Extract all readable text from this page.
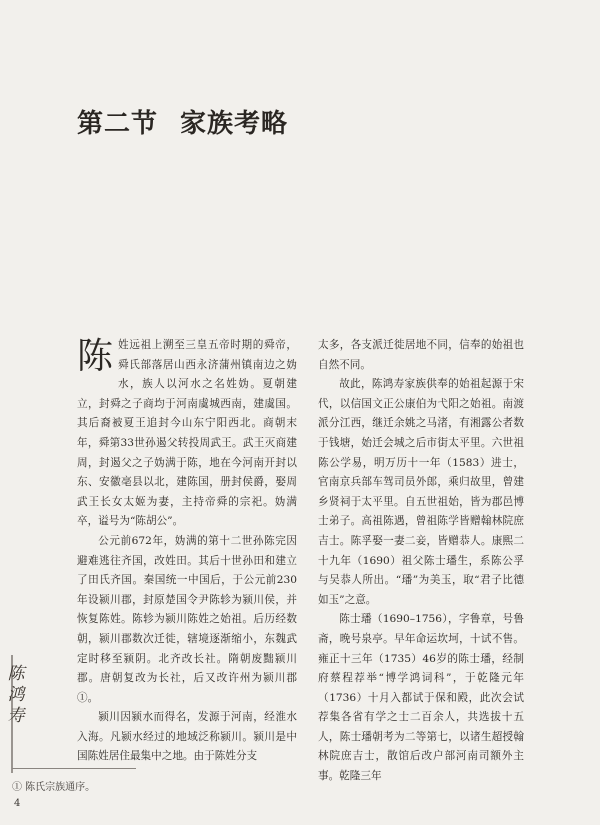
第二节 家族考略

陈姓远祖上溯至三皇五帝时期的舜帝，舜氏部落居山西永济蒲州镇南边之妫水，族人以河水之名姓妫。夏朝建立，封舜之子商均于河南虞城西南，建虞国。其后裔被夏王追封今山东宁阳西北。商朝末年，舜第33世孙遏父转投周武王。武王灭商建周，封遏父之子妫满于陈，地在今河南开封以东、安徽亳县以北，建陈国，册封侯爵，娶周武王长女太姬为妻，主持帝舜的宗祀。妫满卒，谥号为“陈胡公”。

公元前672年，妫满的第十二世孙陈完因避难逃往齐国，改姓田。其后十世孙田和建立了田氏齐国。秦国统一中国后，于公元前230年设颍川郡，封原楚国令尹陈轸为颍川侯，并恢复陈姓。陈轸为颍川陈姓之始祖。后历经数朝，颍川郡数次迁徙，辖境逐渐缩小，东魏武定时移至颍阴。北齐改长社。隋朝废黜颍川郡。唐朝复改为长社，后又改许州为颍川郡①。

颍川因颍水而得名，发源于河南，经淮水入海。凡颍水经过的地域泛称颍川。颍川是中国陈姓居住最集中之地。由于陈姓分支

太多，各支派迁徙居地不同，信奉的始祖也自然不同。

故此，陈鸿寿家族供奉的始祖起源于宋代，以信国文正公康伯为弋阳之始祖。南渡派分江西，继迁余姚之马渚，有湘露公者数于钱塘，始迁会城之后市街太平里。六世祖陈公学易，明万历十一年（1583）进士，官南京兵部车驾司员外郎，乘归故里，曾建乡贤祠于太平里。自五世祖始，皆为郡邑博士弟子。高祖陈遇，曾祖陈学皆赠翰林院庶吉士。陈孚娶一妻二妾，皆赠恭人。康熙二十九年（1690）祖父陈士璠生，系陈公孚与吴恭人所出。“璠”为美玉，取“君子比德如玉”之意。

陈士璠（1690–1756），字鲁章，号鲁斋，晚号泉亭。早年命运坎坷，十试不售。雍正十三年（1735）46岁的陈士璠，经制府蔡程荐举“博学鸿词科”，于乾隆元年（1736）十月入都试于保和殿，此次会试荐集各省有学之士二百余人，共选拔十五人，陈士璠朝考为二等第七，以诸生超授翰林院庶吉士，散馆后改户部河南司额外主事。乾隆三年

陈鸿寿
① 陈氏宗族通序。
4
